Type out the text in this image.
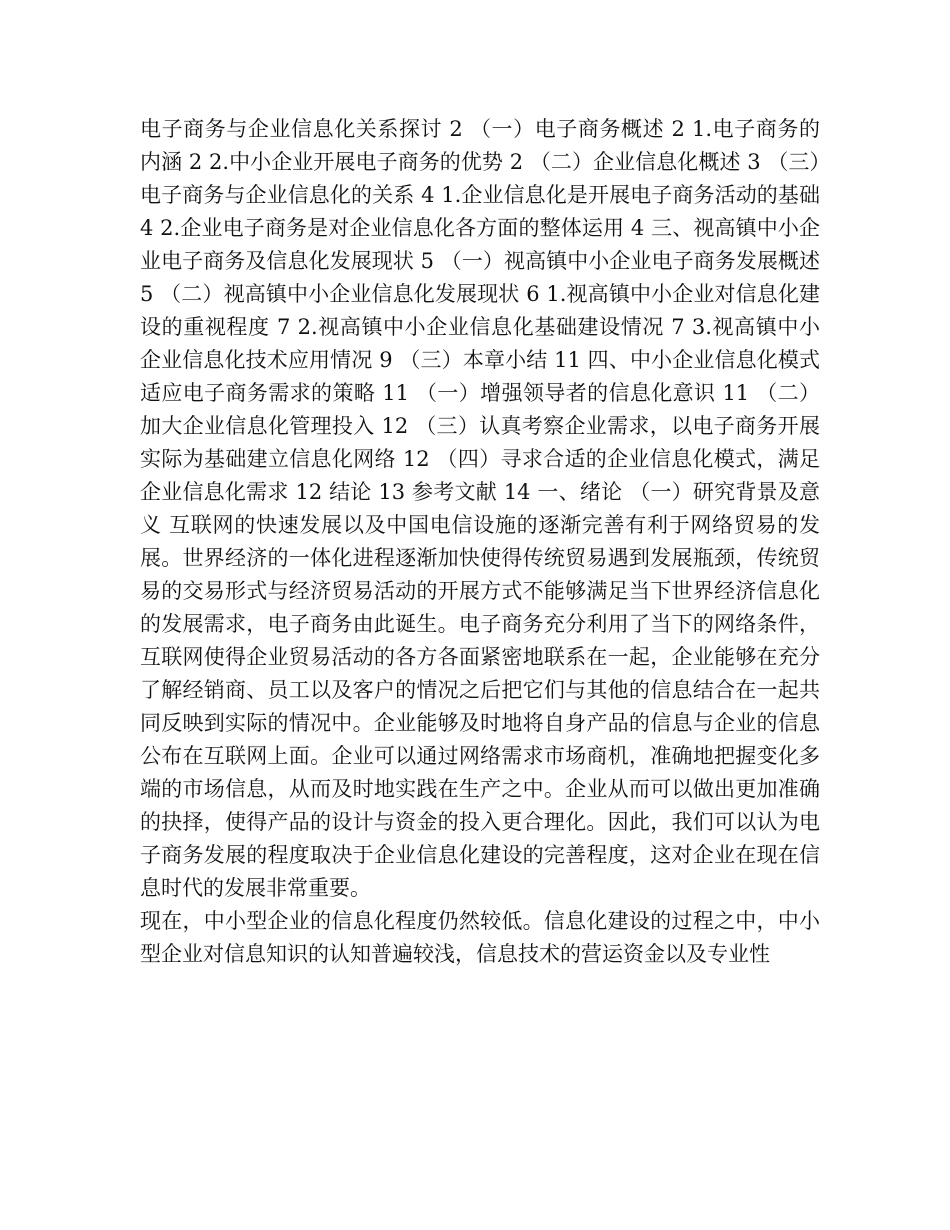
电子商务与企业信息化关系探讨 2 （一）电子商务概述 2 1.电子商务的内涵 2 2.中小企业开展电子商务的优势 2 （二）企业信息化概述 3 （三）电子商务与企业信息化的关系 4 1.企业信息化是开展电子商务活动的基础 4 2.企业电子商务是对企业信息化各方面的整体运用 4 三、视高镇中小企业电子商务及信息化发展现状 5 （一）视高镇中小企业电子商务发展概述 5 （二）视高镇中小企业信息化发展现状 6 1.视高镇中小企业对信息化建设的重视程度 7 2.视高镇中小企业信息化基础建设情况 7 3.视高镇中小企业信息化技术应用情况 9 （三）本章小结 11 四、中小企业信息化模式适应电子商务需求的策略 11 （一）增强领导者的信息化意识 11 （二）加大企业信息化管理投入 12 （三）认真考察企业需求，以电子商务开展实际为基础建立信息化网络 12 （四）寻求合适的企业信息化模式，满足企业信息化需求 12 结论 13 参考文献 14 一、绪论 （一）研究背景及意义 互联网的快速发展以及中国电信设施的逐渐完善有利于网络贸易的发展。世界经济的一体化进程逐渐加快使得传统贸易遇到发展瓶颈，传统贸易的交易形式与经济贸易活动的开展方式不能够满足当下世界经济信息化的发展需求，电子商务由此诞生。电子商务充分利用了当下的网络条件，互联网使得企业贸易活动的各方各面紧密地联系在一起，企业能够在充分了解经销商、员工以及客户的情况之后把它们与其他的信息结合在一起共同反映到实际的情况中。企业能够及时地将自身产品的信息与企业的信息公布在互联网上面。企业可以通过网络需求市场商机，准确地把握变化多端的市场信息，从而及时地实践在生产之中。企业从而可以做出更加准确的抉择，使得产品的设计与资金的投入更合理化。因此，我们可以认为电子商务发展的程度取决于企业信息化建设的完善程度，这对企业在现在信息时代的发展非常重要。

现在，中小型企业的信息化程度仍然较低。信息化建设的过程之中，中小型企业对信息知识的认知普遍较浅，信息技术的营运资金以及专业性
